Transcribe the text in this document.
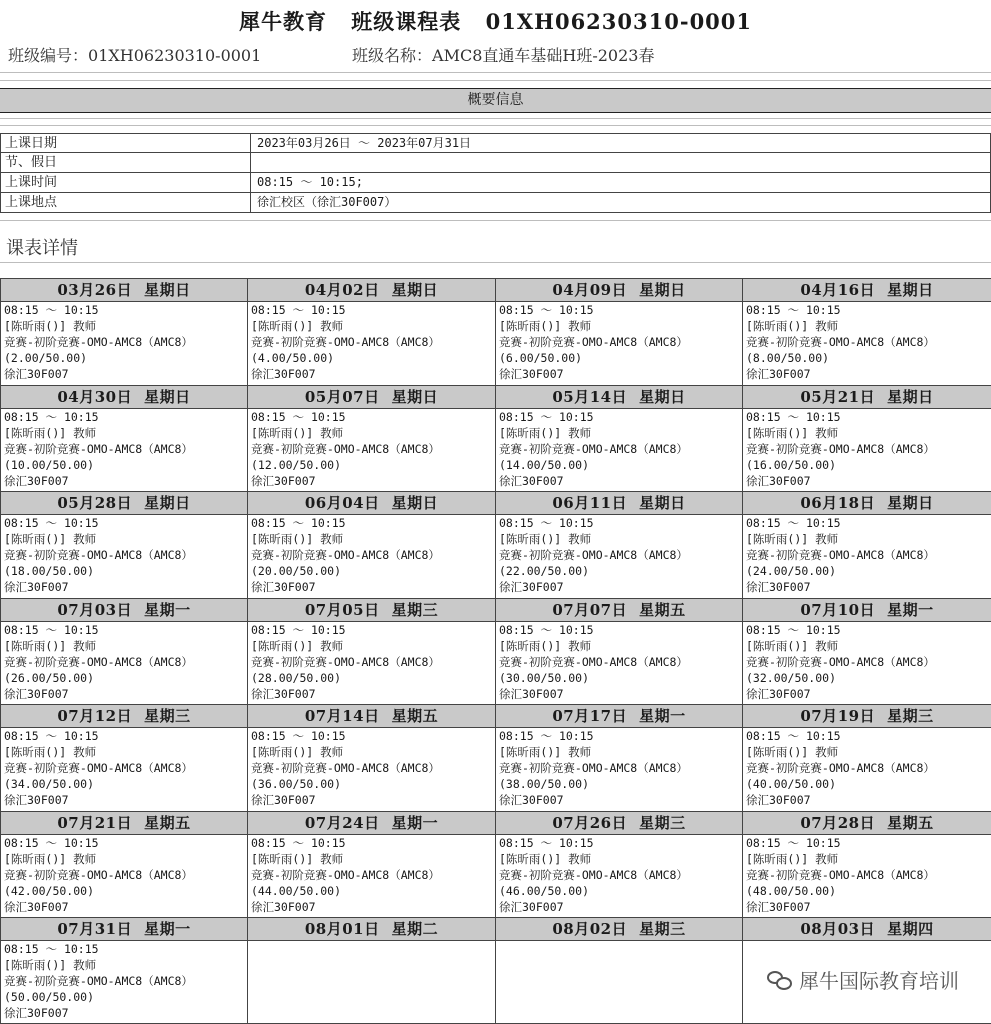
犀牛教育 班级课程表 01XH06230310-0001
班级编号：01XH06230310-0001	班级名称：AMC8直通车基础H班-2023春
概要信息
上课日期	2023年03月26日 ～ 2023年07月31日
节、假日
上课时间	08:15 ～ 10:15;
上课地点	徐汇校区（徐汇30F007）
课表详情
03月26日 星期日
08:15 ～ 10:15
[陈昕雨()] 教师
竞赛-初阶竞赛-OMO-AMC8（AMC8）
(2.00/50.00)
徐汇30F007
04月02日 星期日
08:15 ～ 10:15
[陈昕雨()] 教师
竞赛-初阶竞赛-OMO-AMC8（AMC8）
(4.00/50.00)
徐汇30F007
04月09日 星期日
08:15 ～ 10:15
[陈昕雨()] 教师
竞赛-初阶竞赛-OMO-AMC8（AMC8）
(6.00/50.00)
徐汇30F007
04月16日 星期日
08:15 ～ 10:15
[陈昕雨()] 教师
竞赛-初阶竞赛-OMO-AMC8（AMC8）
(8.00/50.00)
徐汇30F007
04月30日 星期日
08:15 ～ 10:15
[陈昕雨()] 教师
竞赛-初阶竞赛-OMO-AMC8（AMC8）
(10.00/50.00)
徐汇30F007
05月07日 星期日
08:15 ～ 10:15
[陈昕雨()] 教师
竞赛-初阶竞赛-OMO-AMC8（AMC8）
(12.00/50.00)
徐汇30F007
05月14日 星期日
08:15 ～ 10:15
[陈昕雨()] 教师
竞赛-初阶竞赛-OMO-AMC8（AMC8）
(14.00/50.00)
徐汇30F007
05月21日 星期日
08:15 ～ 10:15
[陈昕雨()] 教师
竞赛-初阶竞赛-OMO-AMC8（AMC8）
(16.00/50.00)
徐汇30F007
05月28日 星期日
08:15 ～ 10:15
[陈昕雨()] 教师
竞赛-初阶竞赛-OMO-AMC8（AMC8）
(18.00/50.00)
徐汇30F007
06月04日 星期日
08:15 ～ 10:15
[陈昕雨()] 教师
竞赛-初阶竞赛-OMO-AMC8（AMC8）
(20.00/50.00)
徐汇30F007
06月11日 星期日
08:15 ～ 10:15
[陈昕雨()] 教师
竞赛-初阶竞赛-OMO-AMC8（AMC8）
(22.00/50.00)
徐汇30F007
06月18日 星期日
08:15 ～ 10:15
[陈昕雨()] 教师
竞赛-初阶竞赛-OMO-AMC8（AMC8）
(24.00/50.00)
徐汇30F007
07月03日 星期一
08:15 ～ 10:15
[陈昕雨()] 教师
竞赛-初阶竞赛-OMO-AMC8（AMC8）
(26.00/50.00)
徐汇30F007
07月05日 星期三
08:15 ～ 10:15
[陈昕雨()] 教师
竞赛-初阶竞赛-OMO-AMC8（AMC8）
(28.00/50.00)
徐汇30F007
07月07日 星期五
08:15 ～ 10:15
[陈昕雨()] 教师
竞赛-初阶竞赛-OMO-AMC8（AMC8）
(30.00/50.00)
徐汇30F007
07月10日 星期一
08:15 ～ 10:15
[陈昕雨()] 教师
竞赛-初阶竞赛-OMO-AMC8（AMC8）
(32.00/50.00)
徐汇30F007
07月12日 星期三
08:15 ～ 10:15
[陈昕雨()] 教师
竞赛-初阶竞赛-OMO-AMC8（AMC8）
(34.00/50.00)
徐汇30F007
07月14日 星期五
08:15 ～ 10:15
[陈昕雨()] 教师
竞赛-初阶竞赛-OMO-AMC8（AMC8）
(36.00/50.00)
徐汇30F007
07月17日 星期一
08:15 ～ 10:15
[陈昕雨()] 教师
竞赛-初阶竞赛-OMO-AMC8（AMC8）
(38.00/50.00)
徐汇30F007
07月19日 星期三
08:15 ～ 10:15
[陈昕雨()] 教师
竞赛-初阶竞赛-OMO-AMC8（AMC8）
(40.00/50.00)
徐汇30F007
07月21日 星期五
08:15 ～ 10:15
[陈昕雨()] 教师
竞赛-初阶竞赛-OMO-AMC8（AMC8）
(42.00/50.00)
徐汇30F007
07月24日 星期一
08:15 ～ 10:15
[陈昕雨()] 教师
竞赛-初阶竞赛-OMO-AMC8（AMC8）
(44.00/50.00)
徐汇30F007
07月26日 星期三
08:15 ～ 10:15
[陈昕雨()] 教师
竞赛-初阶竞赛-OMO-AMC8（AMC8）
(46.00/50.00)
徐汇30F007
07月28日 星期五
08:15 ～ 10:15
[陈昕雨()] 教师
竞赛-初阶竞赛-OMO-AMC8（AMC8）
(48.00/50.00)
徐汇30F007
07月31日 星期一
08:15 ～ 10:15
[陈昕雨()] 教师
竞赛-初阶竞赛-OMO-AMC8（AMC8）
(50.00/50.00)
徐汇30F007
08月01日 星期二	08月02日 星期三	08月03日 星期四
犀牛国际教育培训
